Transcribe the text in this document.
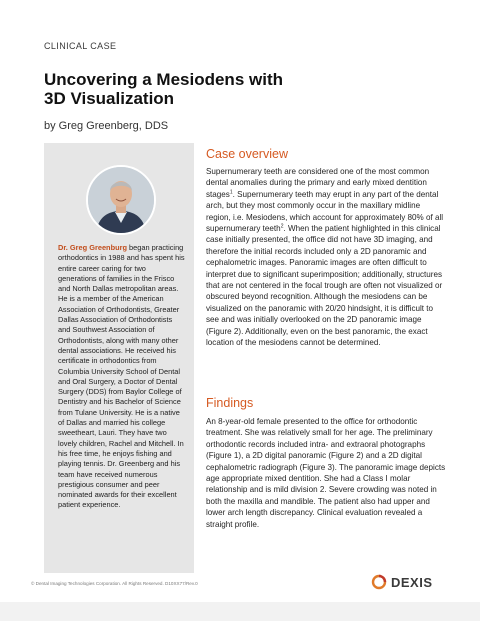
CLINICAL CASE
Uncovering a Mesiodens with
3D Visualization
by Greg Greenberg, DDS

Dr. Greg Greenburg began practicing orthodontics in 1988 and has spent his entire career caring for two generations of families in the Frisco and North Dallas metropolitan areas. He is a member of the American Association of Orthodontists, Greater Dallas Association of Orthodontists and Southwest Association of Orthodontists, along with many other dental associations. He received his certificate in orthodontics from Columbia University School of Dental and Oral Surgery, a Doctor of Dental Surgery (DDS) from Baylor College of Dentistry and his Bachelor of Science from Tulane University. He is a native of Dallas and married his college sweetheart, Lauri. They have two lovely children, Rachel and Mitchell. In his free time, he enjoys fishing and playing tennis. Dr. Greenberg and his team have received numerous prestigious consumer and peer nominated awards for their excellent patient experience.

Case overview

Supernumerary teeth are considered one of the most common dental anomalies during the primary and early mixed dentition stages$^1$. Supernumerary teeth may erupt in any part of the dental arch, but they most commonly occur in the maxillary midline region, i.e. Mesiodens, which account for approximately 80% of all supernumerary teeth$^2$. When the patient highlighted in this clinical case initially presented, the office did not have 3D imaging, and therefore the initial records included only a 2D panoramic and cephalometric images. Panoramic images are often difficult to interpret due to significant superimposition; additionally, structures that are not centered in the focal trough are often not visualized or obscured beyond recognition. Although the mesiodens can be visualized on the panoramic with 20/20 hindsight, it is difficult to see and was initially overlooked on the 2D panoramic image (Figure 2). Additionally, even on the best panoramic, the exact location of the mesiodens cannot be determined.

Findings

An 8-year-old female presented to the office for orthodontic treatment. She was relatively small for her age. The preliminary orthodontic records included intra- and extraoral photographs (Figure 1), a 2D digital panoramic (Figure 2) and a 2D digital cephalometric radiograph (Figure 3). The panoramic image depicts age appropriate mixed dentition. She had a Class I molar relationship and is mild division 2. Severe crowding was noted in both the maxilla and mandible. The patient also had upper and lower arch length discrepancy. Clinical evaluation revealed a straight profile.

© Dental Imaging Technologies Corporation. All Rights Reserved. D10XX77/Rev.0	DEXIS
